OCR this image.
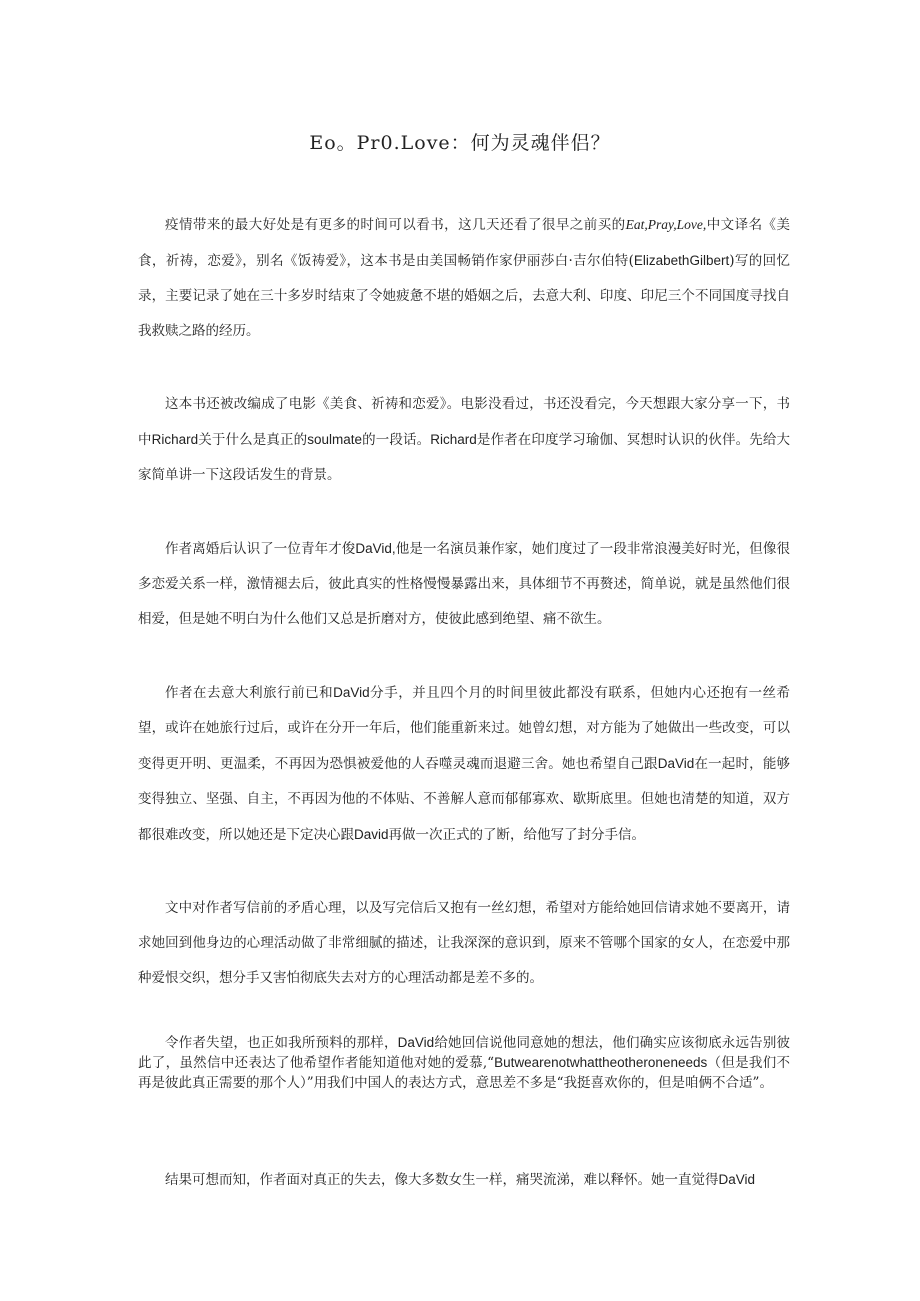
Eo。Pr0.Love：何为灵魂伴侣？

疫情带来的最大好处是有更多的时间可以看书，这几天还看了很早之前买的Eat,Pray,Love,中文译名《美食，祈祷，恋爱》，别名《饭祷爱》，这本书是由美国畅销作家伊丽莎白·吉尔伯特(ElizabethGilbert)写的回忆录，主要记录了她在三十多岁时结束了令她疲惫不堪的婚姻之后，去意大利、印度、印尼三个不同国度寻找自我救赎之路的经历。

这本书还被改编成了电影《美食、祈祷和恋爱》。电影没看过，书还没看完，今天想跟大家分享一下，书中Richard关于什么是真正的soulmate的一段话。Richard是作者在印度学习瑜伽、冥想时认识的伙伴。先给大家简单讲一下这段话发生的背景。

作者离婚后认识了一位青年才俊DaVid,他是一名演员兼作家，她们度过了一段非常浪漫美好时光，但像很多恋爱关系一样，激情褪去后，彼此真实的性格慢慢暴露出来，具体细节不再赘述，简单说，就是虽然他们很相爱，但是她不明白为什么他们又总是折磨对方，使彼此感到绝望、痛不欲生。

作者在去意大利旅行前已和DaVid分手，并且四个月的时间里彼此都没有联系，但她内心还抱有一丝希望，或许在她旅行过后，或许在分开一年后，他们能重新来过。她曾幻想，对方能为了她做出一些改变，可以变得更开明、更温柔，不再因为恐惧被爱他的人吞噬灵魂而退避三舍。她也希望自己跟DaVid在一起时，能够变得独立、坚强、自主，不再因为他的不体贴、不善解人意而郁郁寡欢、歇斯底里。但她也清楚的知道，双方都很难改变，所以她还是下定决心跟David再做一次正式的了断，给他写了封分手信。

文中对作者写信前的矛盾心理，以及写完信后又抱有一丝幻想，希望对方能给她回信请求她不要离开，请求她回到他身边的心理活动做了非常细腻的描述，让我深深的意识到，原来不管哪个国家的女人，在恋爱中那种爱恨交织，想分手又害怕彻底失去对方的心理活动都是差不多的。

令作者失望，也正如我所预料的那样，DaVid给她回信说他同意她的想法，他们确实应该彻底永远告别彼此了，虽然信中还表达了他希望作者能知道他对她的爱慕,“Butwearenotwhattheotheroneneeds（但是我们不再是彼此真正需要的那个人）”用我们中国人的表达方式，意思差不多是“我挺喜欢你的，但是咱俩不合适”。

结果可想而知，作者面对真正的失去，像大多数女生一样，痛哭流涕，难以释怀。她一直觉得DaVid
